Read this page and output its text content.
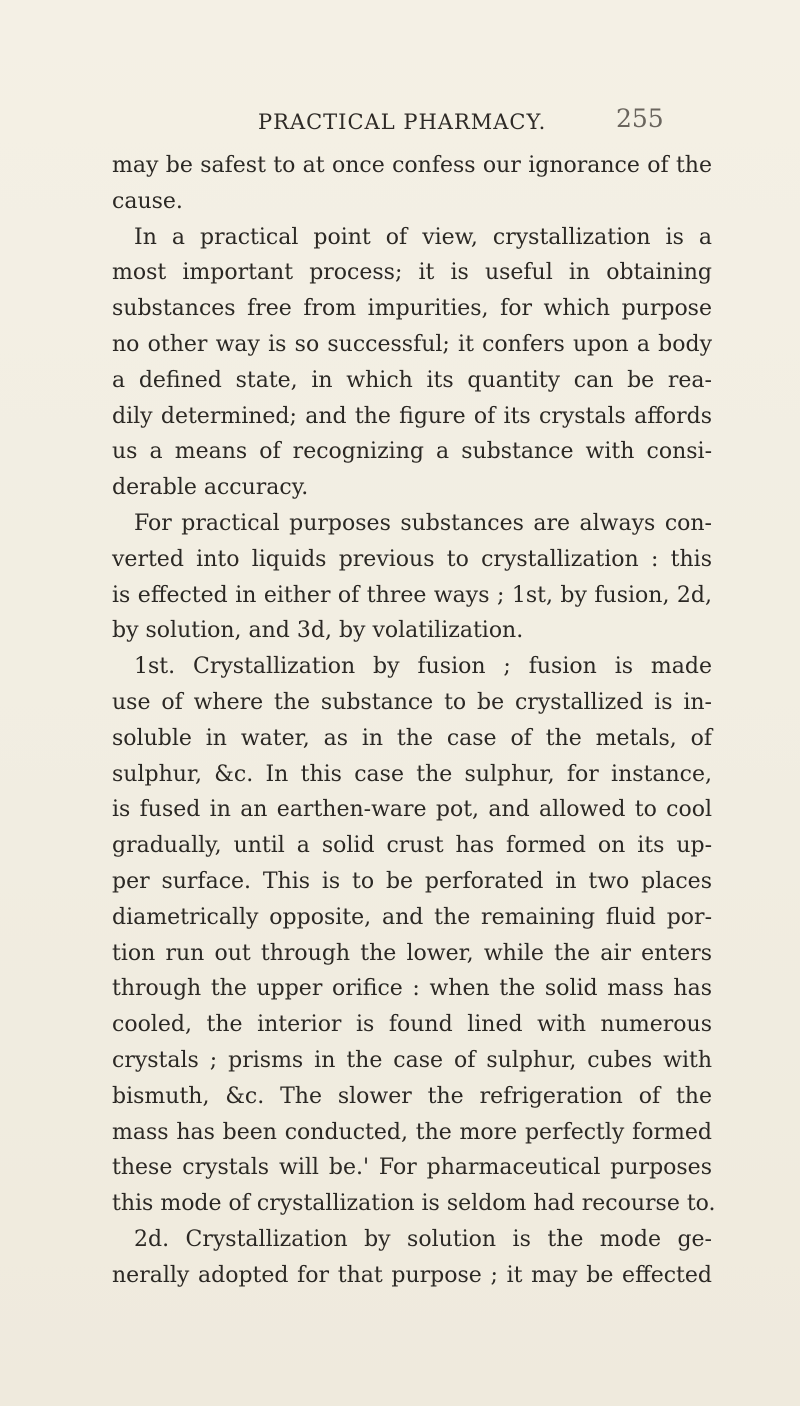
PRACTICAL PHARMACY.	255
may be safest to at once confess our ignorance of the
cause.
In a practical point of view, crystallization is a
most important process; it is useful in obtaining
substances free from impurities, for which purpose
no other way is so successful; it confers upon a body
a defined state, in which its quantity can be rea-
dily determined; and the figure of its crystals affords
us a means of recognizing a substance with consi-
derable accuracy.
For practical purposes substances are always con-
verted into liquids previous to crystallization : this
is effected in either of three ways ; 1st, by fusion, 2d,
by solution, and 3d, by volatilization.
1st. Crystallization by fusion ; fusion is made
use of where the substance to be crystallized is in-
soluble in water, as in the case of the metals, of
sulphur, &c. In this case the sulphur, for instance,
is fused in an earthen-ware pot, and allowed to cool
gradually, until a solid crust has formed on its up-
per surface. This is to be perforated in two places
diametrically opposite, and the remaining fluid por-
tion run out through the lower, while the air enters
through the upper orifice : when the solid mass has
cooled, the interior is found lined with numerous
crystals ; prisms in the case of sulphur, cubes with
bismuth, &c. The slower the refrigeration of the
mass has been conducted, the more perfectly formed
these crystals will be.' For pharmaceutical purposes
this mode of crystallization is seldom had recourse to.
2d. Crystallization by solution is the mode ge-
nerally adopted for that purpose ; it may be effected
